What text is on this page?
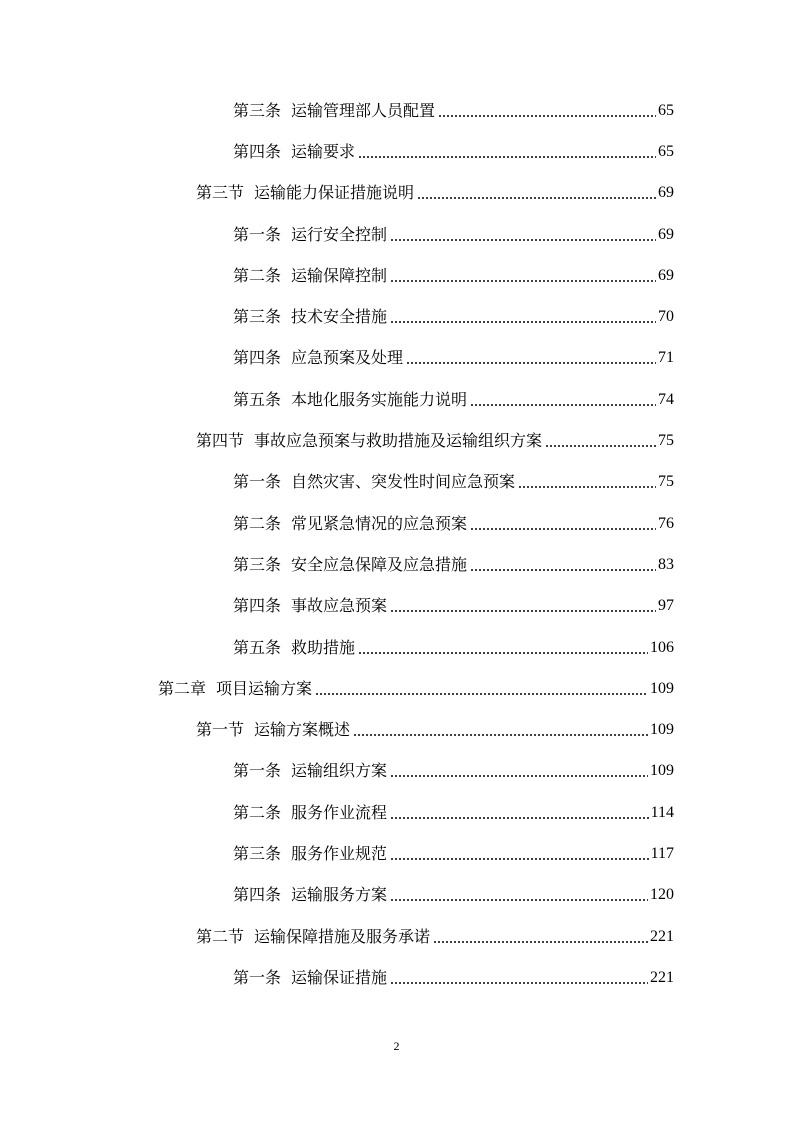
第三条 运输管理部人员配置	65
第四条 运输要求	65
第三节 运输能力保证措施说明	69
第一条 运行安全控制	69
第二条 运输保障控制	69
第三条 技术安全措施	70
第四条 应急预案及处理	71
第五条 本地化服务实施能力说明	74
第四节 事故应急预案与救助措施及运输组织方案	75
第一条 自然灾害、突发性时间应急预案	75
第二条 常见紧急情况的应急预案	76
第三条 安全应急保障及应急措施	83
第四条 事故应急预案	97
第五条 救助措施	106
第二章 项目运输方案	109
第一节 运输方案概述	109
第一条 运输组织方案	109
第二条 服务作业流程	114
第三条 服务作业规范	117
第四条 运输服务方案	120
第二节 运输保障措施及服务承诺	221
第一条 运输保证措施	221
2
